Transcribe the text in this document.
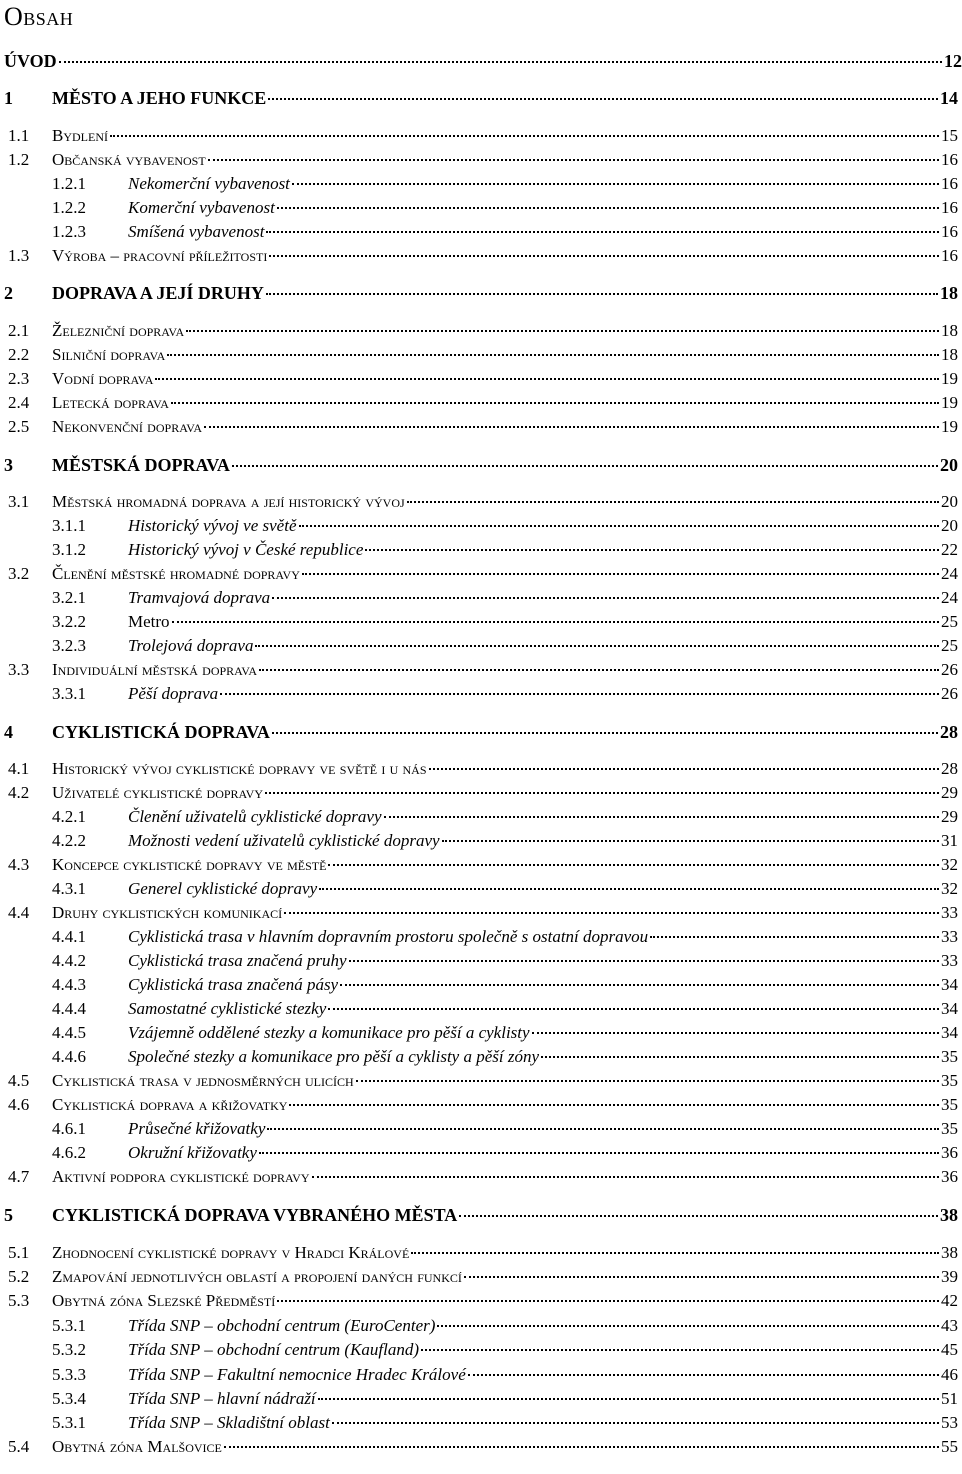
Obsah
ÚVOD	12
1	MĚSTO A JEHO FUNKCE	14
1.1	Bydlení	15
1.2	Občanská vybavenost	16
1.2.1	Nekomerční vybavenost	16
1.2.2	Komerční vybavenost	16
1.2.3	Smíšená vybavenost	16
1.3	Výroba – pracovní příležitosti	16
2	DOPRAVA A JEJÍ DRUHY	18
2.1	Železniční doprava	18
2.2	Silniční doprava	18
2.3	Vodní doprava	19
2.4	Letecká doprava	19
2.5	Nekonvenční doprava	19
3	MĚSTSKÁ DOPRAVA	20
3.1	Městská hromadná doprava a její historický vývoj	20
3.1.1	Historický vývoj ve světě	20
3.1.2	Historický vývoj v České republice	22
3.2	Členění městské hromadné dopravy	24
3.2.1	Tramvajová doprava	24
3.2.2	Metro	25
3.2.3	Trolejová doprava	25
3.3	Individuální městská doprava	26
3.3.1	Pěší doprava	26
4	CYKLISTICKÁ DOPRAVA	28
4.1	Historický vývoj cyklistické dopravy ve světě i u nás	28
4.2	Uživatelé cyklistické dopravy	29
4.2.1	Členění uživatelů cyklistické dopravy	29
4.2.2	Možnosti vedení uživatelů cyklistické dopravy	31
4.3	Koncepce cyklistické dopravy ve městě	32
4.3.1	Generel cyklistické dopravy	32
4.4	Druhy cyklistických komunikací	33
4.4.1	Cyklistická trasa v hlavním dopravním prostoru společně s ostatní dopravou	33
4.4.2	Cyklistická trasa značená pruhy	33
4.4.3	Cyklistická trasa značená pásy	34
4.4.4	Samostatné cyklistické stezky	34
4.4.5	Vzájemně oddělené stezky a komunikace pro pěší a cyklisty	34
4.4.6	Společné stezky a komunikace pro pěší a cyklisty a pěší zóny	35
4.5	Cyklistická trasa v jednosměrných ulicích	35
4.6	Cyklistická doprava a křižovatky	35
4.6.1	Průsečné křižovatky	35
4.6.2	Okružní křižovatky	36
4.7	Aktivní podpora cyklistické dopravy	36
5	CYKLISTICKÁ DOPRAVA VYBRANÉHO MĚSTA	38
5.1	Zhodnocení cyklistické dopravy v Hradci Králové	38
5.2	Zmapování jednotlivých oblastí a propojení daných funkcí	39
5.3	Obytná zóna Slezské Předměstí	42
5.3.1	Třída SNP – obchodní centrum (EuroCenter)	43
5.3.2	Třída SNP – obchodní centrum (Kaufland)	45
5.3.3	Třída SNP – Fakultní nemocnice Hradec Králové	46
5.3.4	Třída SNP – hlavní nádraží	51
5.3.1	Třída SNP – Skladištní oblast	53
5.4	Obytná zóna Malšovice	55
